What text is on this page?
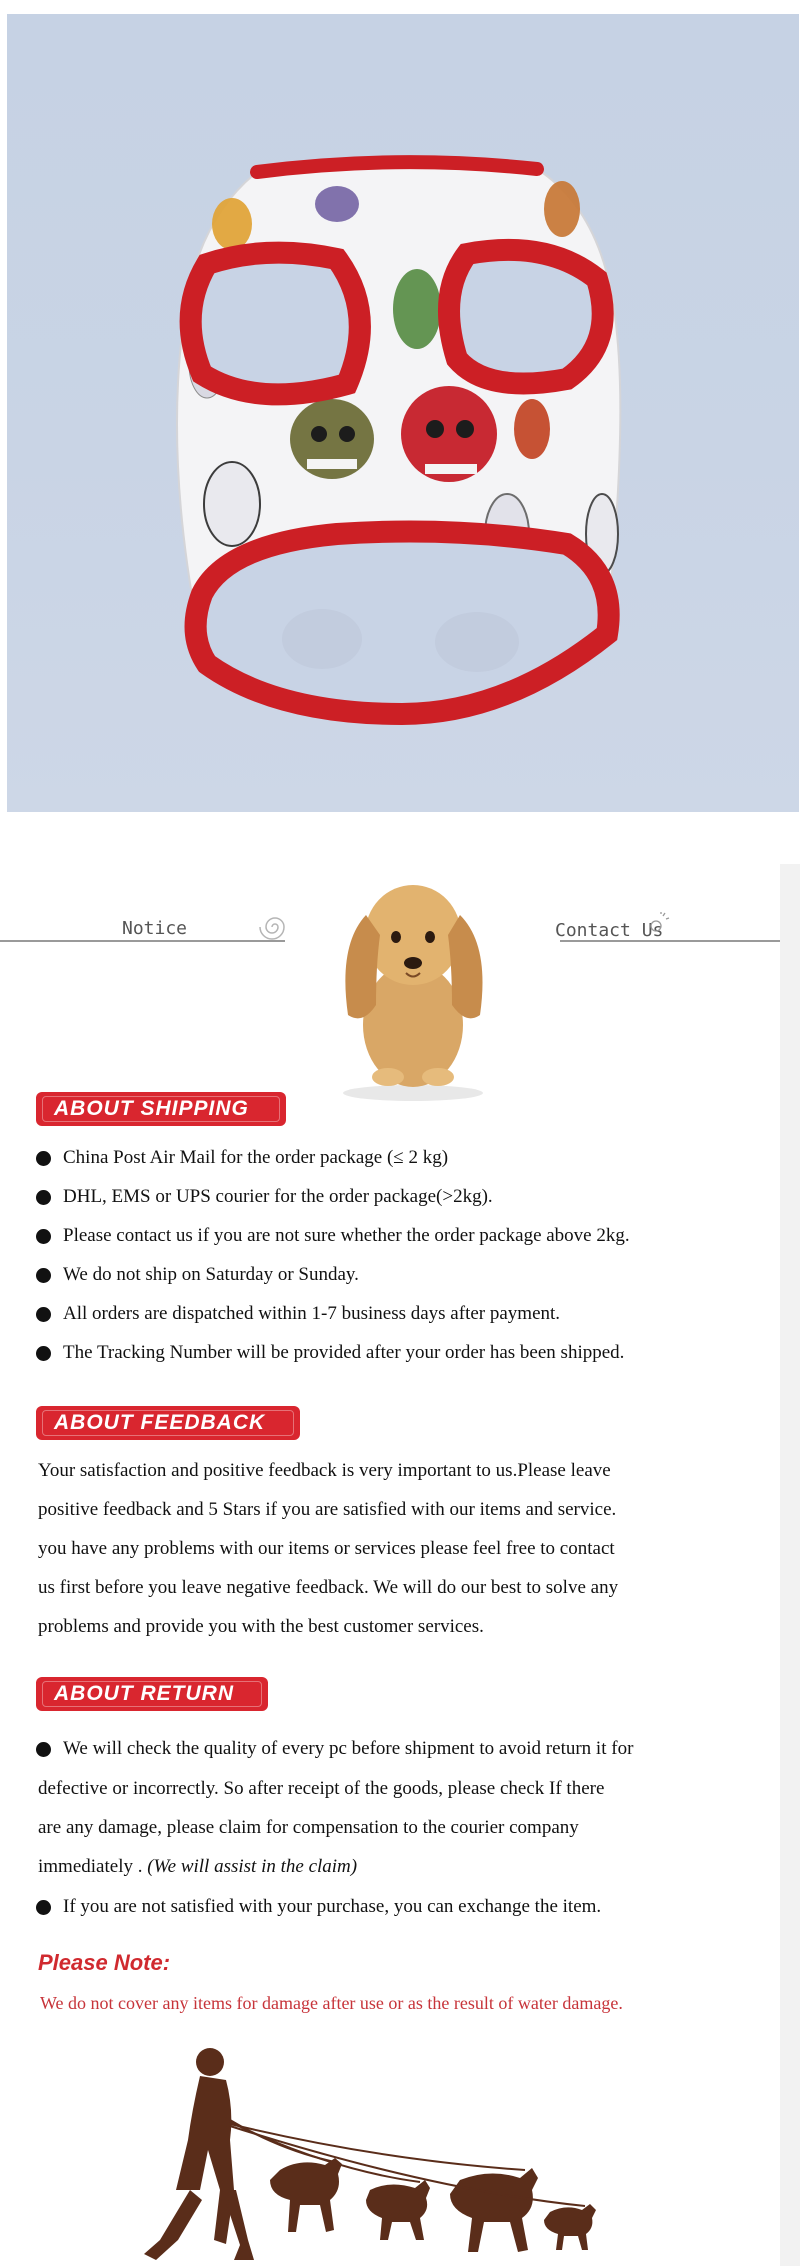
Notice	Contact Us
ABOUT SHIPPING
China Post Air Mail for the order package (≤ 2 kg)
DHL, EMS or UPS courier for the order package(>2kg).
Please contact us if you are not sure whether the order package above 2kg.
We do not ship on Saturday or Sunday.
All orders are dispatched within 1-7 business days after payment.
The Tracking Number will be provided after your order has been shipped.
ABOUT FEEDBACK
Your satisfaction and positive feedback is very important to us.Please leave
positive feedback and 5 Stars if you are satisfied with our items and service.
you have any problems with our items or services please feel free to contact
us first before you leave negative feedback. We will do our best to solve any
problems and provide you with the best customer services.
ABOUT RETURN
We will check the quality of every pc before shipment to avoid return it for
defective or incorrectly. So after receipt of the goods, please check If there
are any damage, please claim for compensation to the courier company
immediately . (We will assist in the claim)
If you are not satisfied with your purchase, you can exchange the item.
Please Note:
We do not cover any items for damage after use or as the result of water damage.
